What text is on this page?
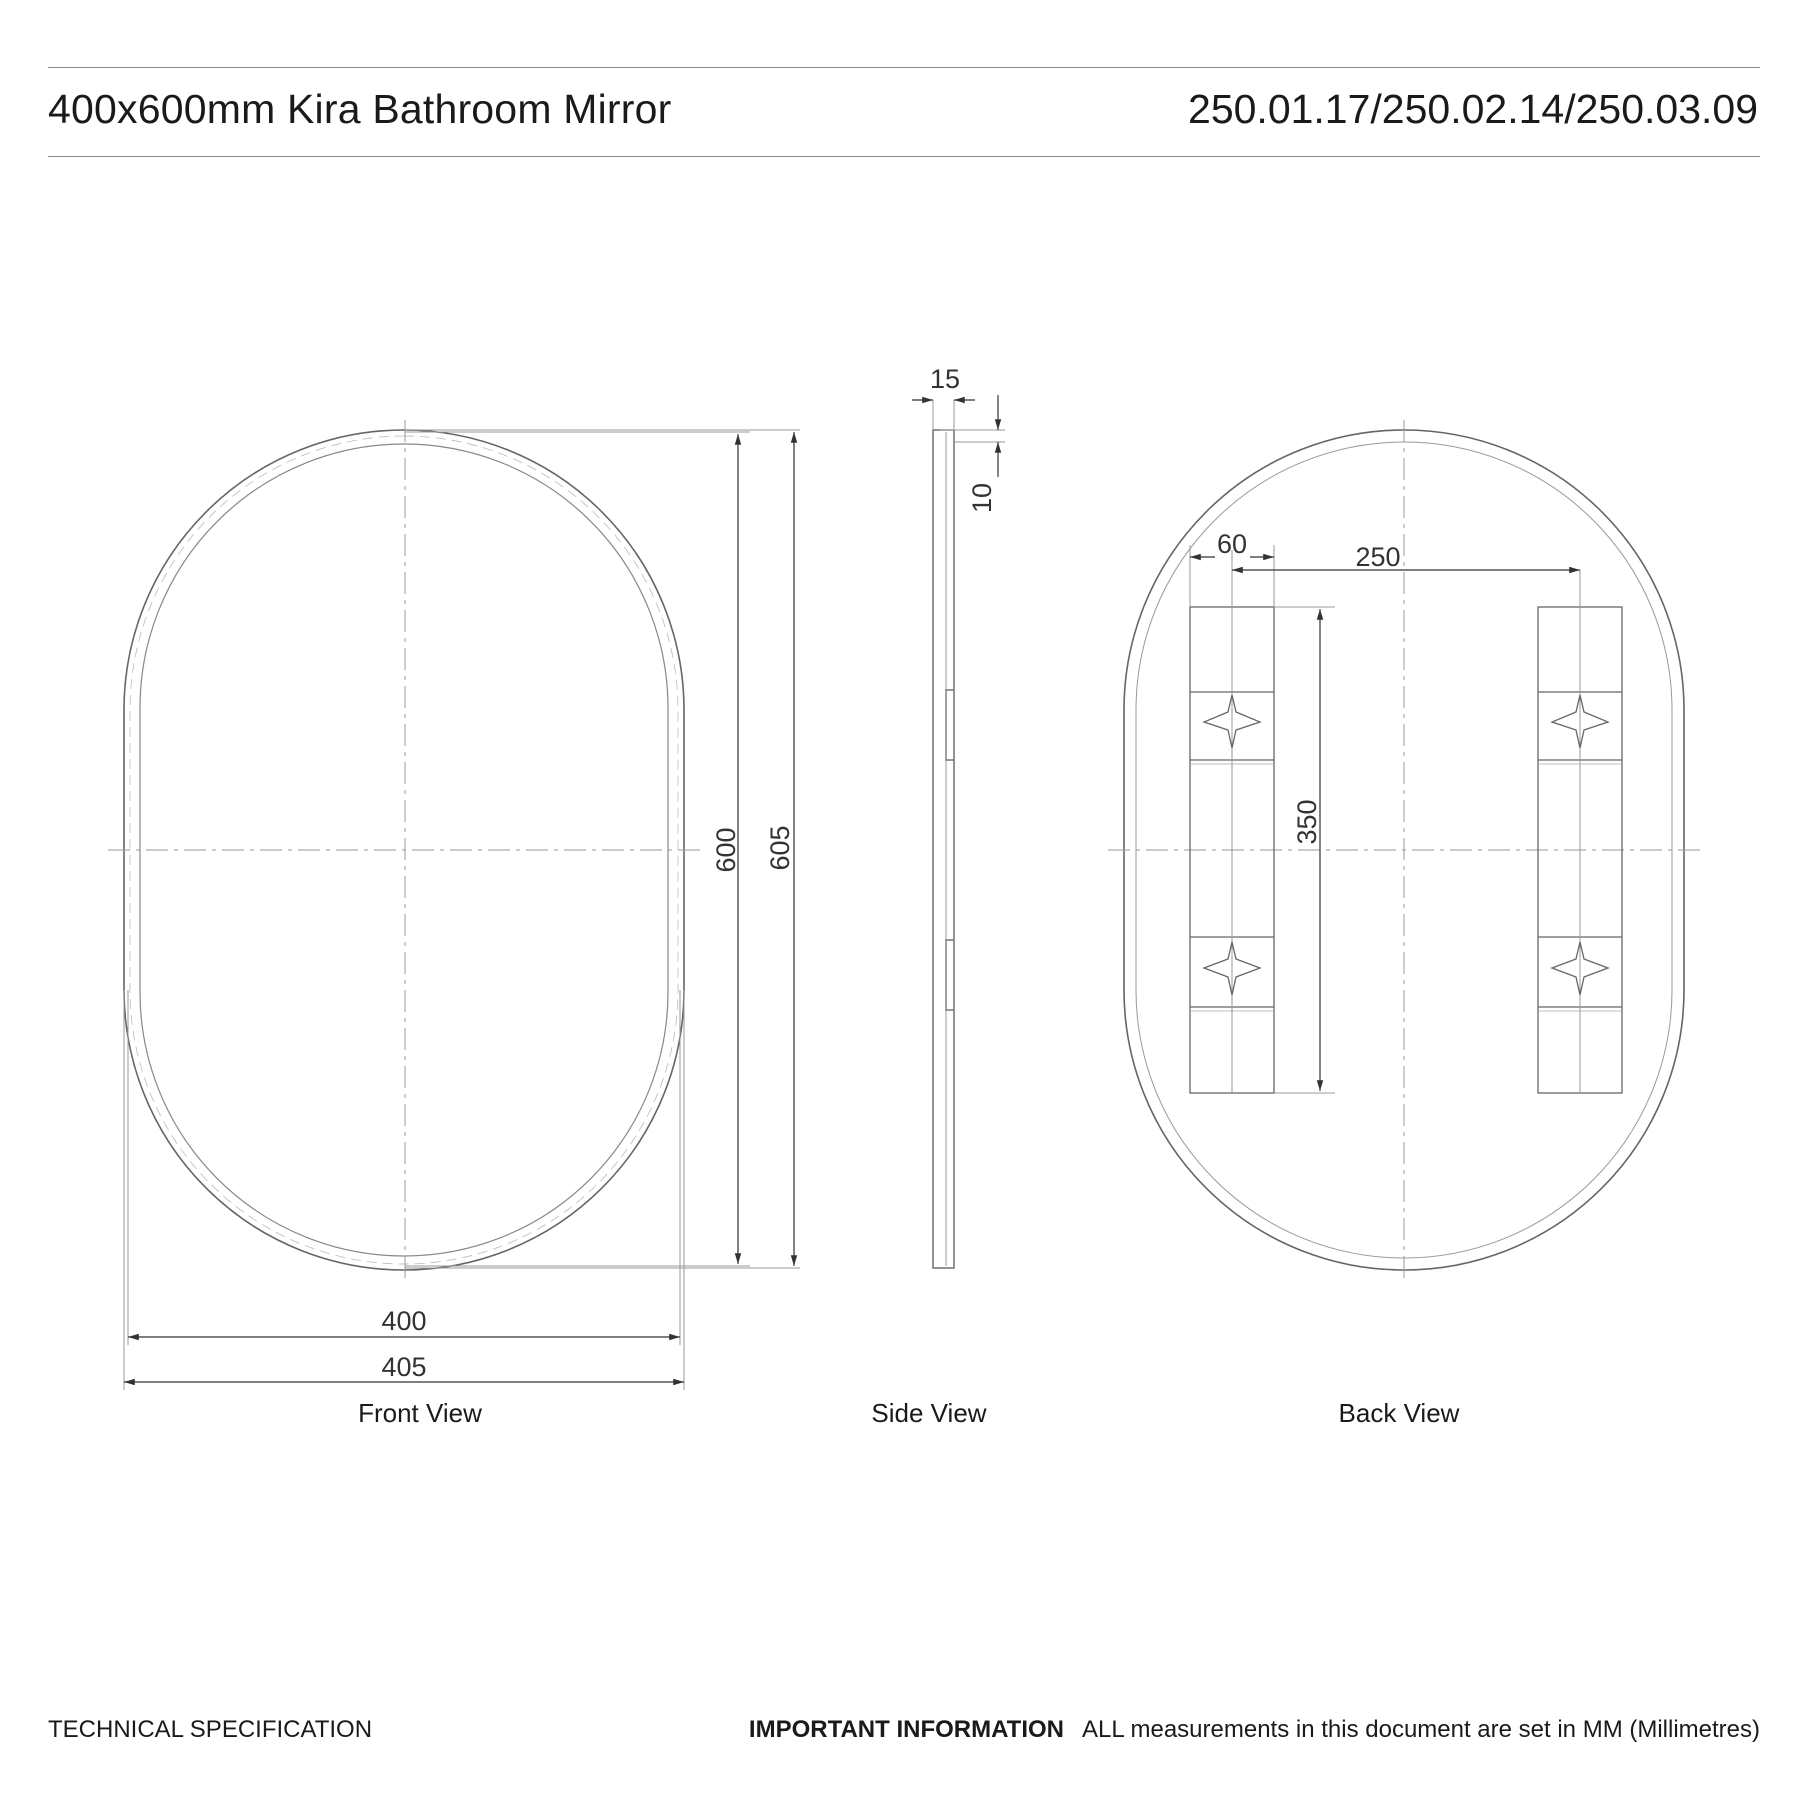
400x600mm Kira Bathroom Mirror	250.01.17/250.02.14/250.03.09
600 605
400
405
15
10
60	250
350
Front View	Side View	Back View
TECHNICAL SPECIFICATION	IMPORTANT INFORMATION ALL measurements in this document are set in MM (Millimetres)
